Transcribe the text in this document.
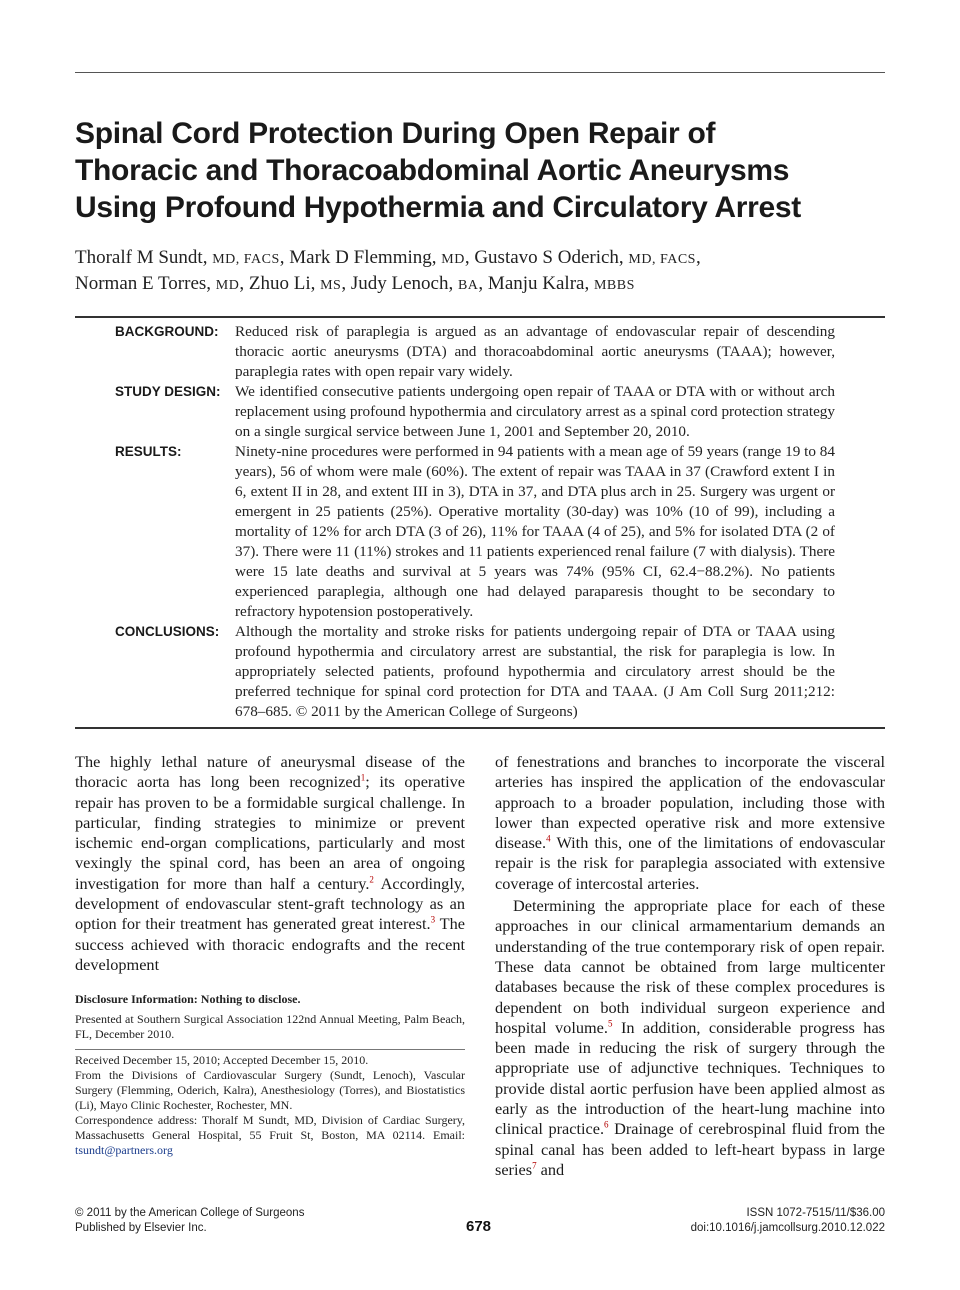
Spinal Cord Protection During Open Repair of
Thoracic and Thoracoabdominal Aortic Aneurysms
Using Profound Hypothermia and Circulatory Arrest
Thoralf M Sundt, MD, FACS, Mark D Flemming, MD, Gustavo S Oderich, MD, FACS,
Norman E Torres, MD, Zhuo Li, MS, Judy Lenoch, BA, Manju Kalra, MBBS
BACKGROUND:	Reduced risk of paraplegia is argued as an advantage of endovascular repair of descending thoracic aortic aneurysms (DTA) and thoracoabdominal aortic aneurysms (TAAA); however, paraplegia rates with open repair vary widely.
STUDY DESIGN: We identified consecutive patients undergoing open repair of TAAA or DTA with or without arch replacement using profound hypothermia and circulatory arrest as a spinal cord protection strategy on a single surgical service between June 1, 2001 and September 20, 2010.
RESULTS:	Ninety-nine procedures were performed in 94 patients with a mean age of 59 years (range 19 to 84 years), 56 of whom were male (60%). The extent of repair was TAAA in 37 (Crawford extent I in 6, extent II in 28, and extent III in 3), DTA in 37, and DTA plus arch in 25. Surgery was urgent or emergent in 25 patients (25%). Operative mortality (30-day) was 10% (10 of 99), including a mortality of 12% for arch DTA (3 of 26), 11% for TAAA (4 of 25), and 5% for isolated DTA (2 of 37). There were 11 (11%) strokes and 11 patients experienced renal failure (7 with dialysis). There were 15 late deaths and survival at 5 years was 74% (95% CI, 62.4−88.2%). No patients experienced paraplegia, although one had delayed paraparesis thought to be secondary to refractory hypotension postoperatively.
CONCLUSIONS:	Although the mortality and stroke risks for patients undergoing repair of DTA or TAAA using profound hypothermia and circulatory arrest are substantial, the risk for paraplegia is low. In appropriately selected patients, profound hypothermia and circulatory arrest should be the preferred technique for spinal cord protection for DTA and TAAA. (J Am Coll Surg 2011;212: 678–685. © 2011 by the American College of Surgeons)

The highly lethal nature of aneurysmal disease of the thoracic aorta has long been recognized$^1$; its operative repair has proven to be a formidable surgical challenge. In particular, finding strategies to minimize or prevent ischemic end-organ complications, particularly and most vexingly the spinal cord, has been an area of ongoing investigation for more than half a century.$^2$ Accordingly, development of endovascular stent-graft technology as an option for their treatment has generated great interest.$^3$ The success achieved with thoracic endografts and the recent development

Disclosure Information: Nothing to disclose.

Presented at Southern Surgical Association 122nd Annual Meeting, Palm Beach, FL, December 2010.

Received December 15, 2010; Accepted December 15, 2010.

From the Divisions of Cardiovascular Surgery (Sundt, Lenoch), Vascular Surgery (Flemming, Oderich, Kalra), Anesthesiology (Torres), and Biostatistics (Li), Mayo Clinic Rochester, Rochester, MN.

Correspondence address: Thoralf M Sundt, MD, Division of Cardiac Surgery, Massachusetts General Hospital, 55 Fruit St, Boston, MA 02114. Email: tsundt@partners.org

of fenestrations and branches to incorporate the visceral arteries has inspired the application of the endovascular approach to a broader population, including those with lower than expected operative risk and more extensive disease.$^4$ With this, one of the limitations of endovascular repair is the risk for paraplegia associated with extensive coverage of intercostal arteries.

Determining the appropriate place for each of these approaches in our clinical armamentarium demands an understanding of the true contemporary risk of open repair. These data cannot be obtained from large multicenter databases because the risk of these complex procedures is dependent on both individual surgeon experience and hospital volume.$^5$ In addition, considerable progress has been made in reducing the risk of surgery through the appropriate use of adjunctive techniques. Techniques to provide distal aortic perfusion have been applied almost as early as the introduction of the heart-lung machine into clinical practice.$^6$ Drainage of cerebrospinal fluid from the spinal canal has been added to left-heart bypass in large series$^7$ and

© 2011 by the American College of Surgeons
Published by Elsevier Inc.	678
ISSN 1072-7515/11/$36.00
doi:10.1016/j.jamcollsurg.2010.12.022
